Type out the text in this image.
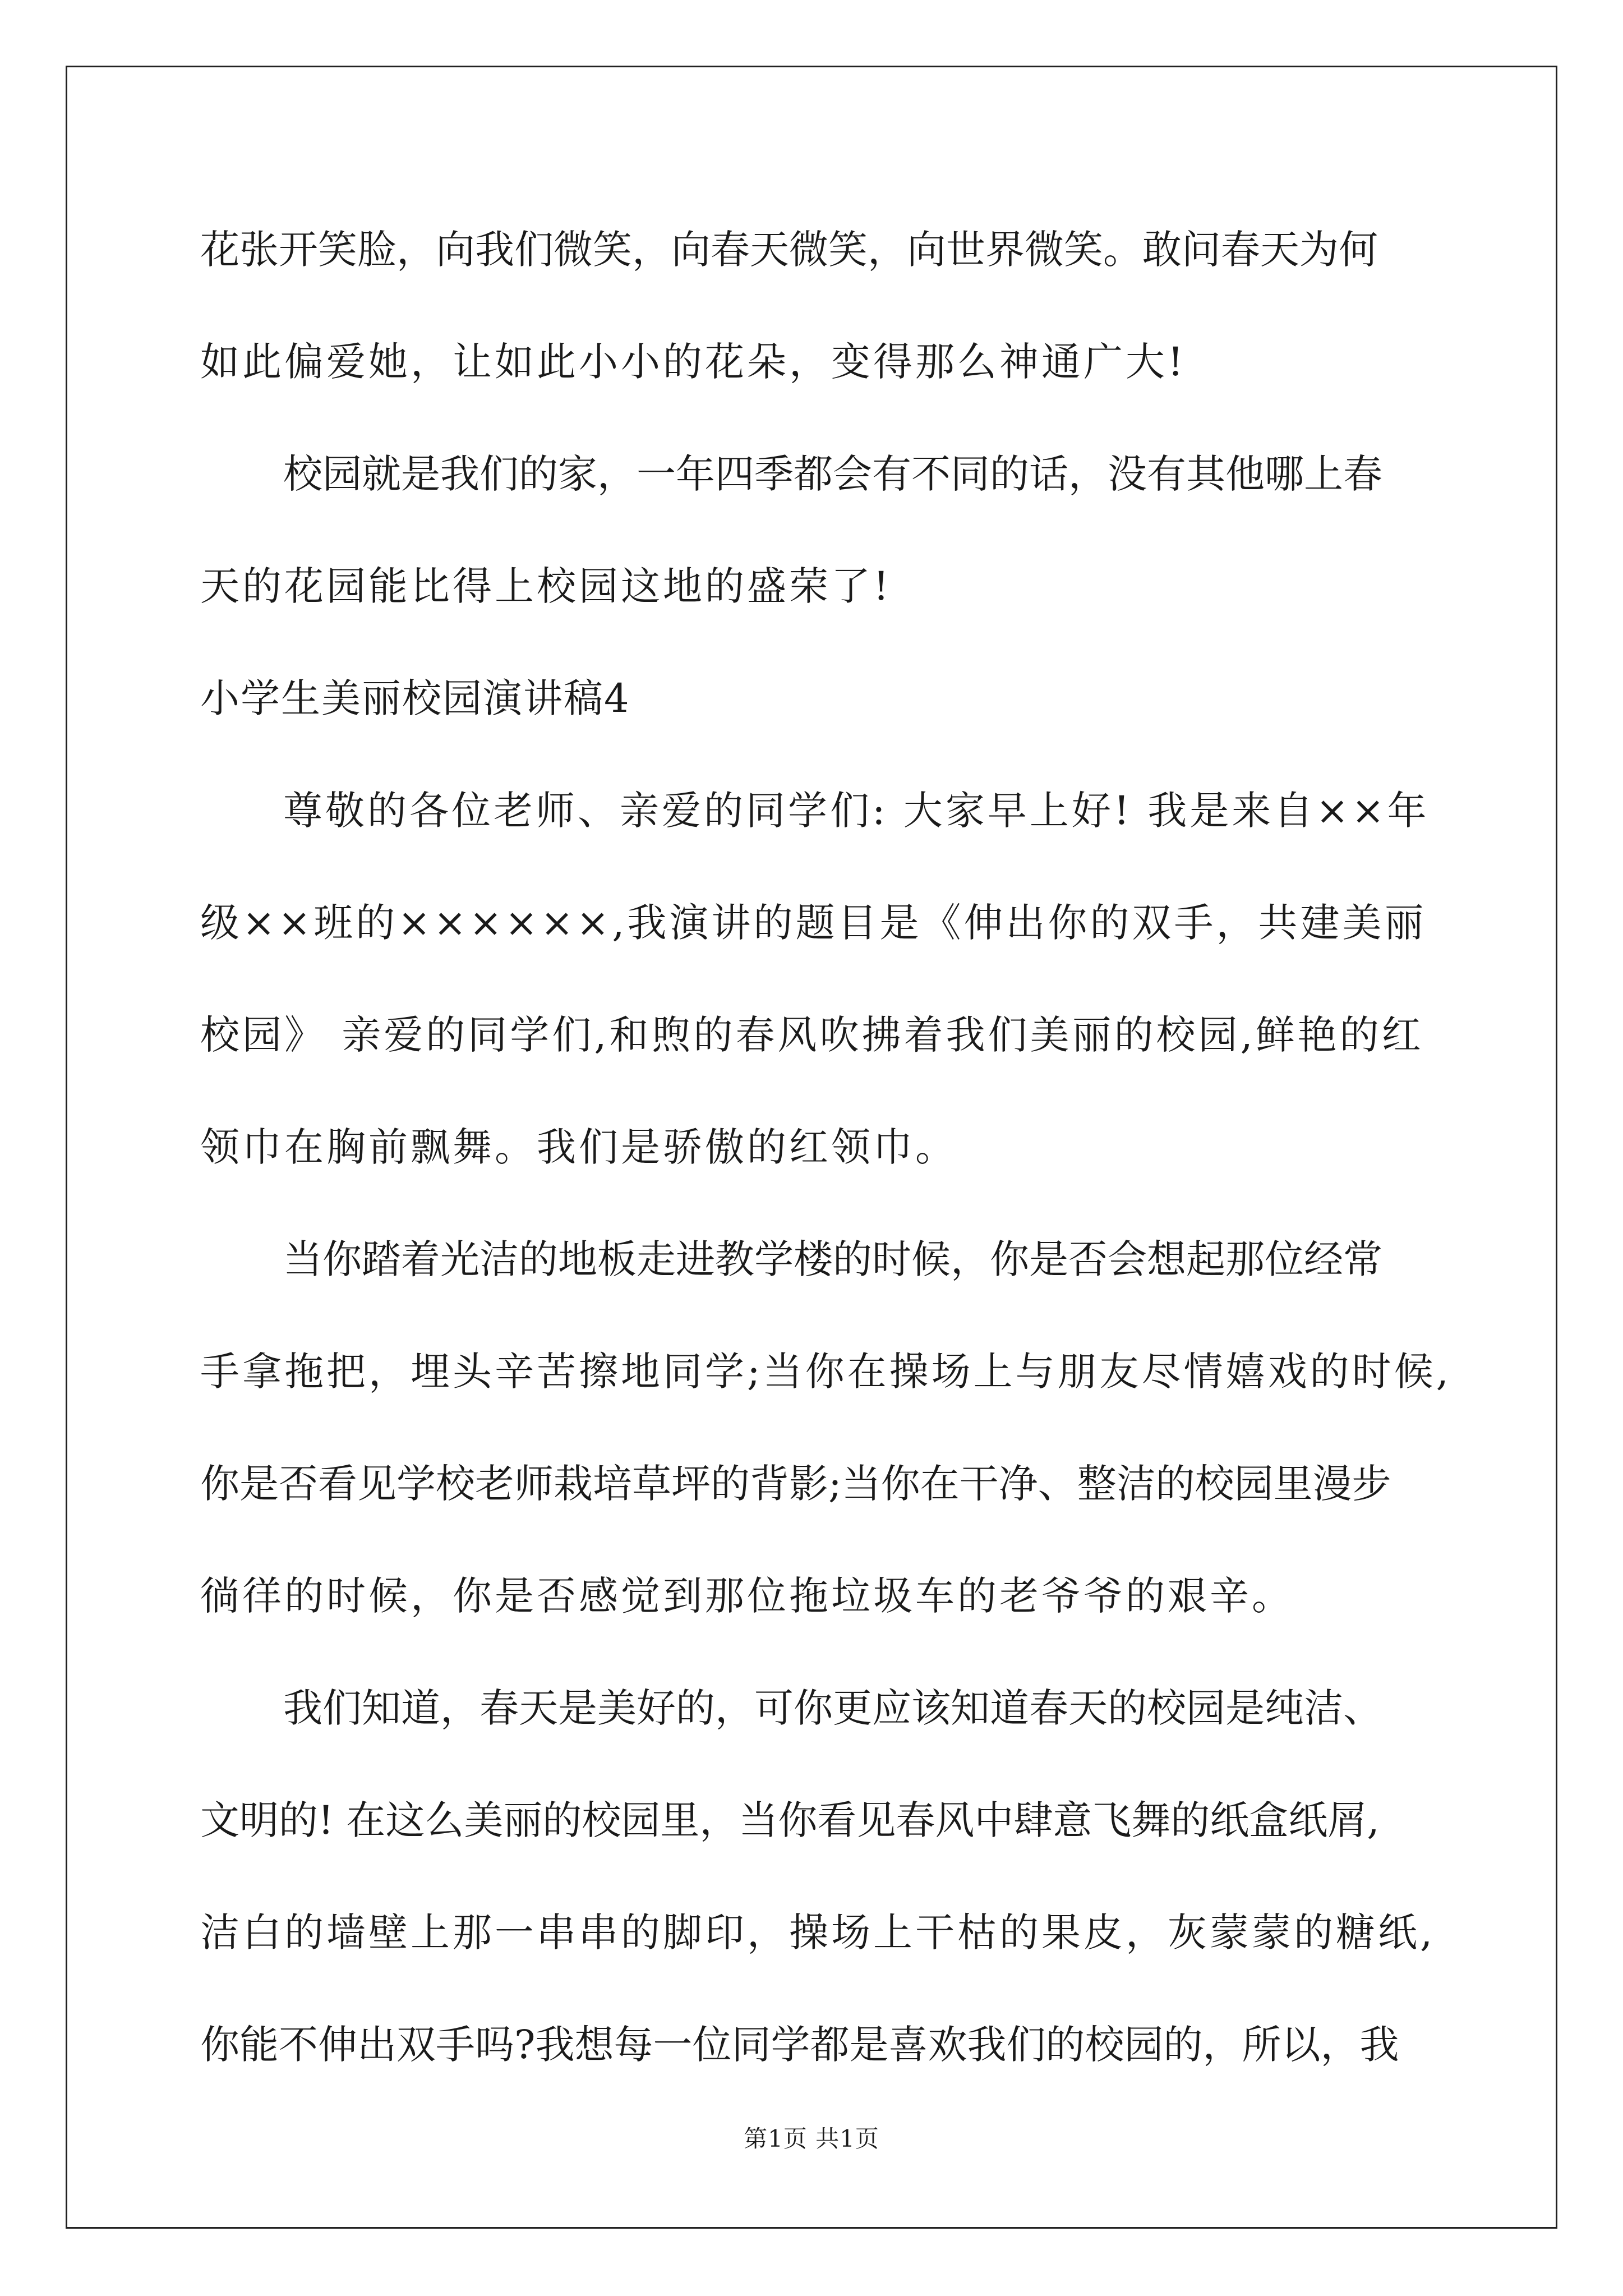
花张开笑脸，向我们微笑，向春天微笑，向世界微笑。敢问春天为何
如此偏爱她，让如此小小的花朵，变得那么神通广大!
校园就是我们的家，一年四季都会有不同的话，没有其他哪上春
天的花园能比得上校园这地的盛荣了!
小学生美丽校园演讲稿4
尊敬的各位老师、亲爱的同学们: 大家早上好! 我是来自××年
级××班的××××××,我演讲的题目是《伸出你的双手，共建美丽
校园》 亲爱的同学们,和煦的春风吹拂着我们美丽的校园,鲜艳的红
领巾在胸前飘舞。我们是骄傲的红领巾。
当你踏着光洁的地板走进教学楼的时候，你是否会想起那位经常
手拿拖把，埋头辛苦擦地同学;当你在操场上与朋友尽情嬉戏的时候,
你是否看见学校老师栽培草坪的背影;当你在干净、整洁的校园里漫步
徜徉的时候，你是否感觉到那位拖垃圾车的老爷爷的艰辛。
我们知道，春天是美好的，可你更应该知道春天的校园是纯洁、
文明的! 在这么美丽的校园里，当你看见春风中肆意飞舞的纸盒纸屑,
洁白的墙壁上那一串串的脚印，操场上干枯的果皮，灰蒙蒙的糖纸,
你能不伸出双手吗?我想每一位同学都是喜欢我们的校园的，所以，我
第1页 共1页
